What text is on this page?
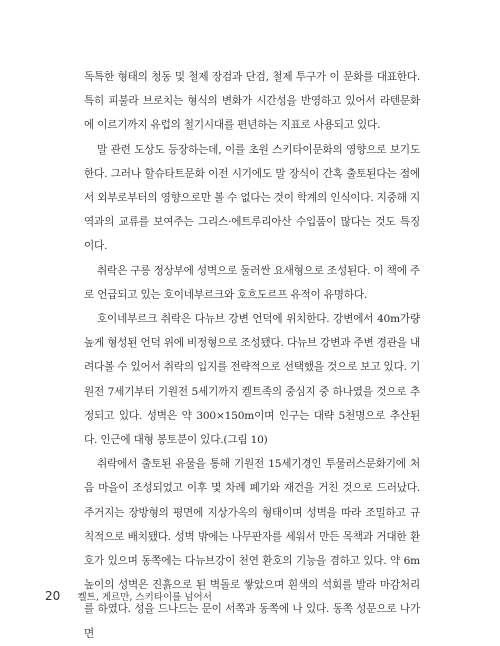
독특한 형태의 청동 및 철제 장검과 단검, 철제 투구가 이 문화를 대표한다. 특히 피불라 브로치는 형식의 변화가 시간성을 반영하고 있어서 라텐문화에 이르기까지 유럽의 철기시대를 편년하는 지표로 사용되고 있다.

말 관련 도상도 등장하는데, 이를 초원 스키타이문화의 영향으로 보기도 한다. 그러나 할슈타트문화 이전 시기에도 말 장식이 간혹 출토된다는 점에서 외부로부터의 영향으로만 볼 수 없다는 것이 학계의 인식이다. 지중해 지역과의 교류를 보여주는 그리스·에트루리아산 수입품이 많다는 것도 특징이다.

취락은 구릉 정상부에 성벽으로 둘러싼 요새형으로 조성된다. 이 책에 주로 언급되고 있는 호이네부르크와 호흐도르프 유적이 유명하다.

호이네부르크 취락은 다뉴브 강변 언덕에 위치한다. 강변에서 40m가량 높게 형성된 언덕 위에 비정형으로 조성됐다. 다뉴브 강변과 주변 경관을 내려다볼 수 있어서 취락의 입지를 전략적으로 선택했을 것으로 보고 있다. 기원전 7세기부터 기원전 5세기까지 켈트족의 중심지 중 하나였을 것으로 추정되고 있다. 성벽은 약 300×150m이며 인구는 대략 5천명으로 추산된다. 인근에 대형 봉토분이 있다.(그림 10)

취락에서 출토된 유물을 통해 기원전 15세기경인 투물러스문화기에 처음 마을이 조성되었고 이후 몇 차례 폐기와 재건을 거친 것으로 드러났다. 주거지는 장방형의 평면에 지상가옥의 형태이며 성벽을 따라 조밀하고 규칙적으로 배치됐다. 성벽 밖에는 나무판자를 세워서 만든 목책과 거대한 환호가 있으며 동쪽에는 다뉴브강이 천연 환호의 기능을 겸하고 있다. 약 6m 높이의 성벽은 진흙으로 된 벽돌로 쌓았으며 흰색의 석회를 발라 마감처리를 하였다. 성을 드나드는 문이 서쪽과 동쪽에 나 있다. 동쪽 성문으로 나가면

20 켈트, 게르만, 스키타이를 넘어서
